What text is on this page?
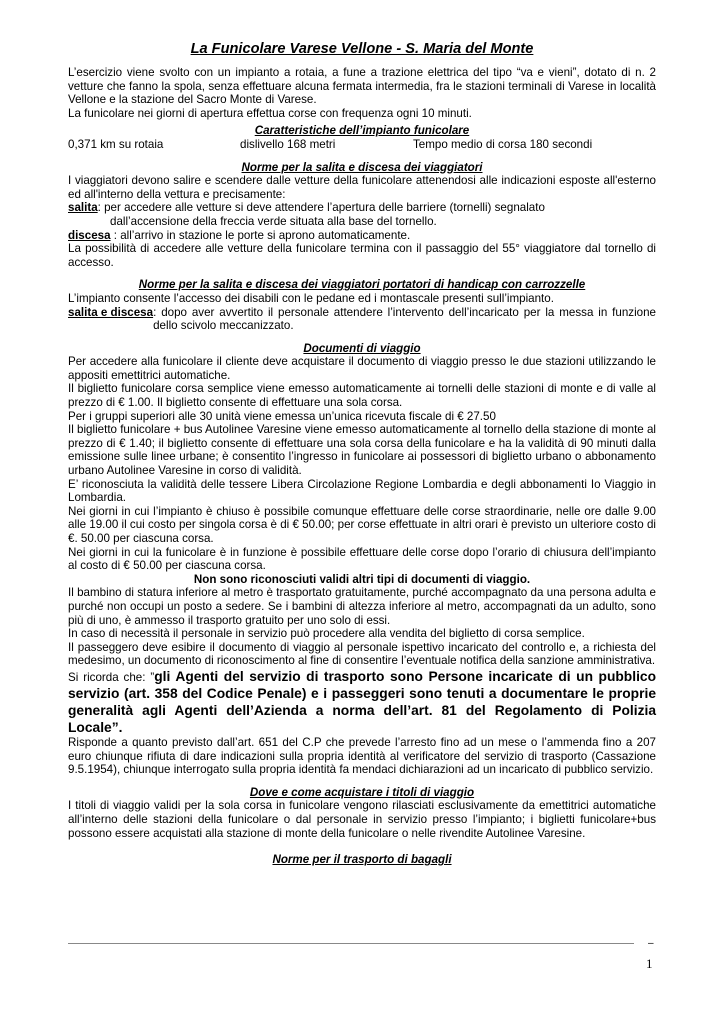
La Funicolare Varese Vellone - S. Maria del Monte

L’esercizio viene svolto con un impianto a rotaia, a fune a trazione elettrica del tipo “va e vieni”, dotato di n. 2 vetture che fanno la spola, senza effettuare alcuna fermata intermedia, fra le stazioni terminali di Varese in località Vellone e la stazione del Sacro Monte di Varese.

La funicolare nei giorni di apertura effettua corse con frequenza ogni 10 minuti.

Caratteristiche dell’impianto funicolare
0,371 km su rotaia	dislivello 168 metri	Tempo medio di corsa 180 secondi
Norme per la salita e discesa dei viaggiatori

I viaggiatori devono salire e scendere dalle vetture della funicolare attenendosi alle indicazioni esposte all'esterno ed all'interno della vettura e precisamente:

salita: per accedere alle vetture si deve attendere l’apertura delle barriere (tornelli) segnalato

dall’accensione della freccia verde situata alla base del tornello.

discesa : all’arrivo in stazione le porte si aprono automaticamente.

La possibilità di accedere alle vetture della funicolare termina con il passaggio del 55° viaggiatore dal tornello di accesso.

Norme per la salita e discesa dei viaggiatori portatori di handicap con carrozzelle

L’impianto consente l’accesso dei disabili con le pedane ed i montascale presenti sull’impianto.

salita e discesa : dopo aver avvertito il personale attendere l’intervento dell’incaricato per la messa in funzione dello scivolo meccanizzato.
Documenti di viaggio

Per accedere alla funicolare il cliente deve acquistare il documento di viaggio presso le due stazioni utilizzando le appositi emettitrici automatiche.

Il biglietto funicolare corsa semplice viene emesso automaticamente ai tornelli delle stazioni di monte e di valle al prezzo di € 1.00. Il biglietto consente di effettuare una sola corsa.

Per i gruppi superiori alle 30 unità viene emessa un’unica ricevuta fiscale di € 27.50

Il biglietto funicolare + bus Autolinee Varesine viene emesso automaticamente al tornello della stazione di monte al prezzo di € 1.40; il biglietto consente di effettuare una sola corsa della funicolare e ha la validità di 90 minuti dalla emissione sulle linee urbane; è consentito l’ingresso in funicolare ai possessori di biglietto urbano o abbonamento urbano Autolinee Varesine in corso di validità.

E’ riconosciuta la validità delle tessere Libera Circolazione Regione Lombardia e degli abbonamenti Io Viaggio in Lombardia.

Nei giorni in cui l’impianto è chiuso è possibile comunque effettuare delle corse straordinarie, nelle ore dalle 9.00 alle 19.00 il cui costo per singola corsa è di € 50.00; per corse effettuate in altri orari è previsto un ulteriore costo di €. 50.00 per ciascuna corsa.

Nei giorni in cui la funicolare è in funzione è possibile effettuare delle corse dopo l’orario di chiusura dell’impianto al costo di € 50.00 per ciascuna corsa.

Non sono riconosciuti validi altri tipi di documenti di viaggio.

Il bambino di statura inferiore al metro è trasportato gratuitamente, purché accompagnato da una persona adulta e purché non occupi un posto a sedere. Se i bambini di altezza inferiore al metro, accompagnati da un adulto, sono più di uno, è ammesso il trasporto gratuito per uno solo di essi.

In caso di necessità il personale in servizio può procedere alla vendita del biglietto di corsa semplice.

Il passeggero deve esibire il documento di viaggio al personale ispettivo incaricato del controllo e, a richiesta del medesimo, un documento di riconoscimento al fine di consentire l’eventuale notifica della sanzione amministrativa.

Si ricorda che: ”gli Agenti del servizio di trasporto sono Persone incaricate di un pubblico servizio (art. 358 del Codice Penale) e i passeggeri sono tenuti a documentare le proprie generalità agli Agenti dell’Azienda a norma dell’art. 81 del Regolamento di Polizia Locale”.

Risponde a quanto previsto dall’art. 651 del C.P che prevede l’arresto fino ad un mese o l’ammenda fino a 207 euro chiunque rifiuta di dare indicazioni sulla propria identità al verificatore del servizio di trasporto (Cassazione 9.5.1954), chiunque interrogato sulla propria identità fa mendaci dichiarazioni ad un incaricato di pubblico servizio.

Dove e come acquistare i titoli di viaggio

I titoli di viaggio validi per la sola corsa in funicolare vengono rilasciati esclusivamente da emettitrici automatiche all’interno delle stazioni della funicolare o dal personale in servizio presso l’impianto; i biglietti funicolare+bus possono essere acquistati alla stazione di monte della funicolare o nelle rivendite Autolinee Varesine.

Norme per il trasporto di bagagli
–
1
